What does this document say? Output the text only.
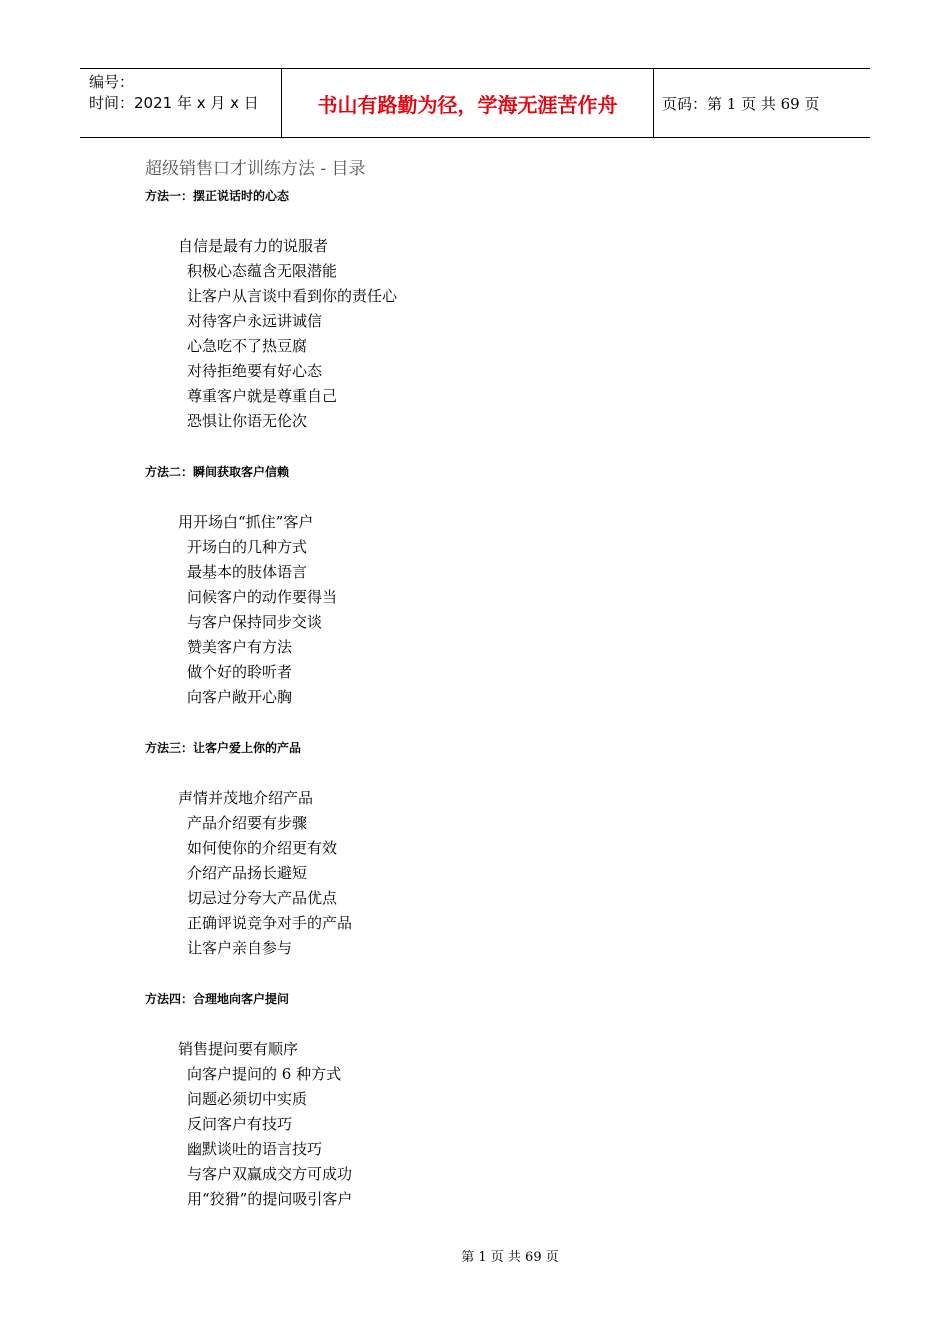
编号：
时间：2021 年 x 月 x 日	书山有路勤为径，学海无涯苦作舟	页码：第 1 页 共 69 页
超级销售口才训练方法 - 目录
方法一：摆正说话时的心态
自信是最有力的说服者
积极心态蕴含无限潜能
让客户从言谈中看到你的责任心
对待客户永远讲诚信
心急吃不了热豆腐
对待拒绝要有好心态
尊重客户就是尊重自己
恐惧让你语无伦次
方法二：瞬间获取客户信赖
用开场白“抓住”客户
开场白的几种方式
最基本的肢体语言
问候客户的动作要得当
与客户保持同步交谈
赞美客户有方法
做个好的聆听者
向客户敞开心胸
方法三：让客户爱上你的产品
声情并茂地介绍产品
产品介绍要有步骤
如何使你的介绍更有效
介绍产品扬长避短
切忌过分夸大产品优点
正确评说竞争对手的产品
让客户亲自参与
方法四：合理地向客户提问
销售提问要有顺序
向客户提问的 6 种方式
问题必须切中实质
反问客户有技巧
幽默谈吐的语言技巧
与客户双赢成交方可成功
用“狡猾”的提问吸引客户
第 1 页 共 69 页
